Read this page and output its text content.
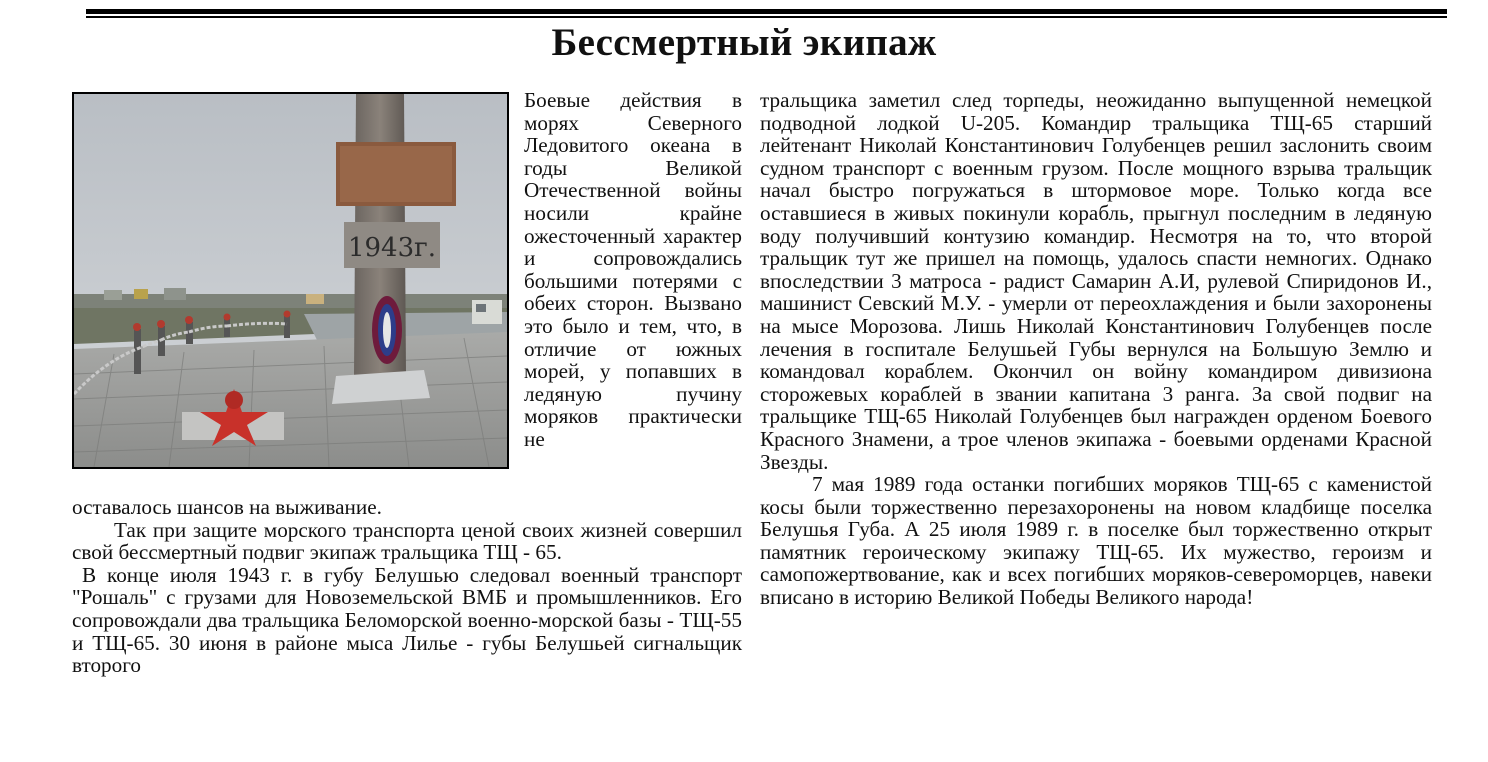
Бессмертный экипаж
1943г.

Боевые действия в морях Северного Ледовитого океана в годы Великой Отечественной войны носили крайне ожесточенный характер и сопровождались большими потерями с обеих сторон. Вызвано это было и тем, что, в отличие от южных морей, у попавших в ледяную пучину моряков практически не

оставалось шансов на выживание.

Так при защите морского транспорта ценой своих жизней совершил свой бессмертный подвиг экипаж тральщика ТЩ - 65.

В конце июля 1943 г. в губу Белушью следовал военный транспорт "Рошаль" с грузами для Новоземельской ВМБ и промышленников. Его сопровождали два тральщика Беломорской военно-морской базы - ТЩ-55 и ТЩ-65. 30 июня в районе мыса Лилье - губы Белушьей сигнальщик второго

тральщика заметил след торпеды, неожиданно выпущенной немецкой подводной лодкой U-205. Командир тральщика ТЩ-65 старший лейтенант Николай Константинович Голубенцев решил заслонить своим судном транспорт с военным грузом. После мощного взрыва тральщик начал быстро погружаться в штормовое море. Только когда все оставшиеся в живых покинули корабль, прыгнул последним в ледяную воду получивший контузию командир. Несмотря на то, что второй тральщик тут же пришел на помощь, удалось спасти немногих. Однако впоследствии 3 матроса - радист Самарин А.И, рулевой Спиридонов И., машинист Севский М.У. - умерли от переохлаждения и были захоронены на мысе Морозова. Лишь Николай Константинович Голубенцев после лечения в госпитале Белушьей Губы вернулся на Большую Землю и командовал кораблем. Окончил он войну командиром дивизиона сторожевых кораблей в звании капитана 3 ранга. За свой подвиг на тральщике ТЩ-65 Николай Голубенцев был награжден орденом Боевого Красного Знамени, а трое членов экипажа - боевыми орденами Красной Звезды.

7 мая 1989 года останки погибших моряков ТЩ-65 с каменистой косы были торжественно перезахоронены на новом кладбище поселка Белушья Губа. А 25 июля 1989 г. в поселке был торжественно открыт памятник героическому экипажу ТЩ-65. Их мужество, героизм и самопожертвование, как и всех погибших моряков-североморцев, навеки вписано в историю Великой Победы Великого народа!
